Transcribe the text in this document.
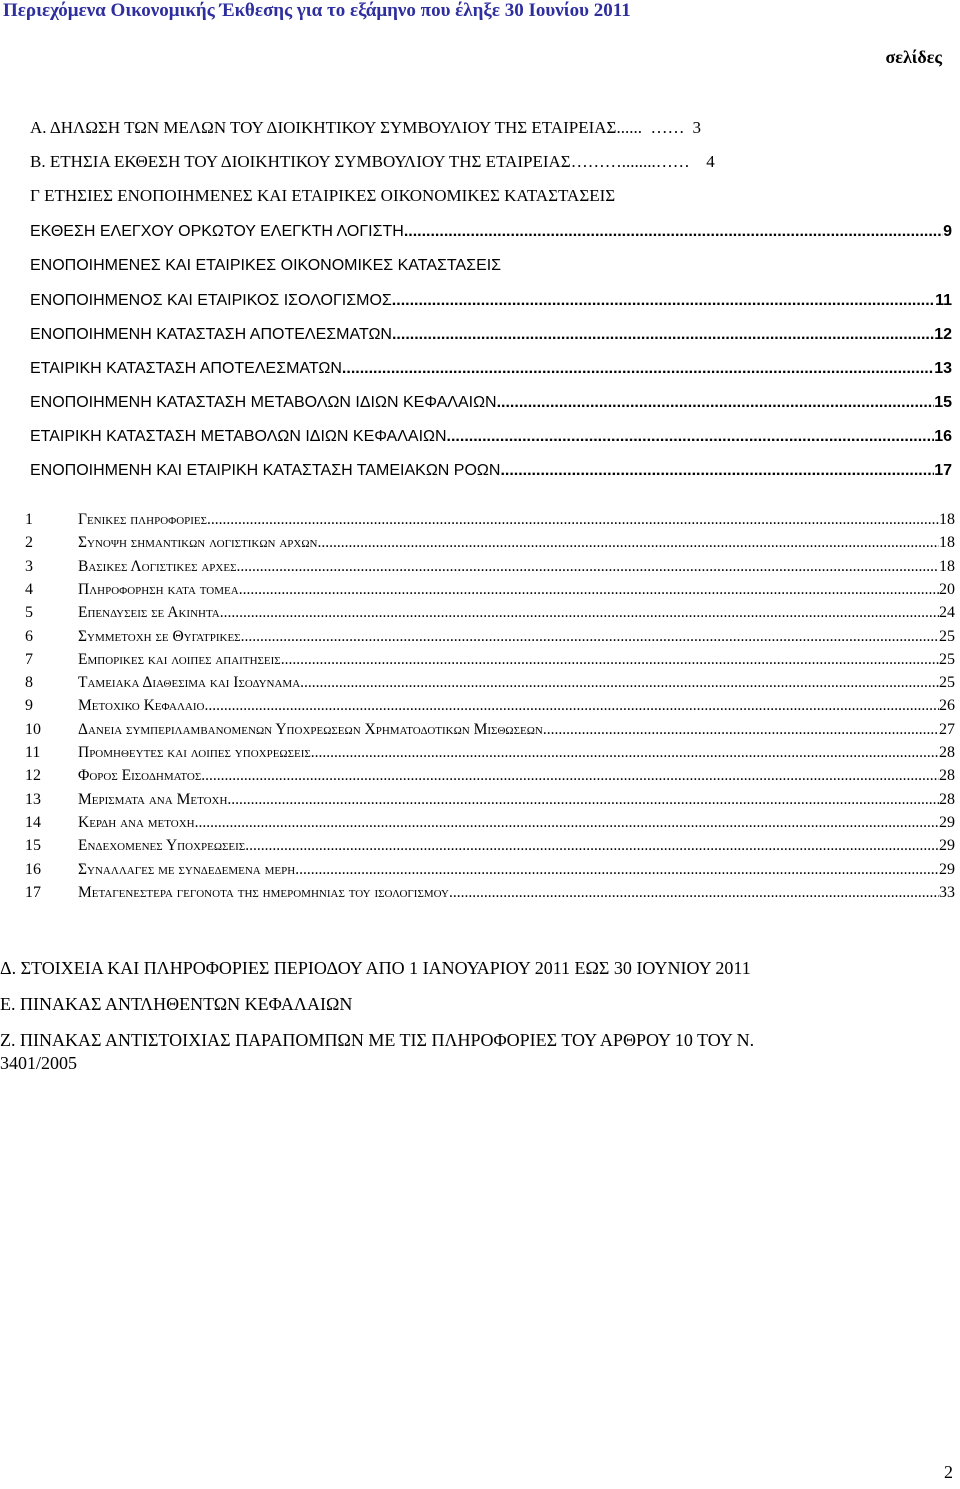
Περιεχόμενα Οικονομικής Έκθεσης για το εξάμηνο που έληξε 30 Ιουνίου 2011
σελίδες
Α. ΔΗΛΩΣΗ ΤΩΝ ΜΕΛΩΝ ΤΟΥ ΔΙΟΙΚΗΤΙΚΟΥ ΣΥΜΒΟΥΛΙΟΥ ΤΗΣ ΕΤΑΙΡΕΙΑΣ ......  …… 3
Β. ΕΤΗΣΙΑ ΕΚΘΕΣΗ ΤΟΥ ΔΙΟΙΚΗΤΙΚΟΥ ΣΥΜΒΟΥΛΙΟΥ ΤΗΣ ΕΤΑΙΡΕΙΑΣ ………........…… 4
Γ ΕΤΗΣΙΕΣ ΕΝΟΠΟΙΗΜΕΝΕΣ ΚΑΙ ΕΤΑΙΡΙΚΕΣ ΟΙΚΟΝΟΜΙΚΕΣ ΚΑΤΑΣΤΑΣΕΙΣ
ΕΚΘΕΣΗ ΕΛΕΓΧΟΥ ΟΡΚΩΤΟΥ ΕΛΕΓΚΤΗ ΛΟΓΙΣΤΗ .....	9
ΕΝΟΠΟΙΗΜΕΝΕΣ ΚΑΙ ΕΤΑΙΡΙΚΕΣ ΟΙΚΟΝΟΜΙΚΕΣ ΚΑΤΑΣΤΑΣΕΙΣ
ΕΝΟΠΟΙΗΜΕΝΟΣ ΚΑΙ ΕΤΑΙΡΙΚΟΣ ΙΣΟΛΟΓΙΣΜΟΣ .....	11
ΕΝΟΠΟΙΗΜΕΝΗ ΚΑΤΑΣΤΑΣΗ ΑΠΟΤΕΛΕΣΜΑΤΩΝ .....	12
ΕΤΑΙΡΙΚΗ ΚΑΤΑΣΤΑΣΗ ΑΠΟΤΕΛΕΣΜΑΤΩΝ .....	13
ΕΝΟΠΟΙΗΜΕΝΗ ΚΑΤΑΣΤΑΣΗ ΜΕΤΑΒΟΛΩΝ ΙΔΙΩΝ ΚΕΦΑΛΑΙΩΝ .....	15
ΕΤΑΙΡΙΚΗ ΚΑΤΑΣΤΑΣΗ ΜΕΤΑΒΟΛΩΝ ΙΔΙΩΝ ΚΕΦΑΛΑΙΩΝ .....	16
ΕΝΟΠΟΙΗΜΕΝΗ ΚΑΙ ΕΤΑΙΡΙΚΗ ΚΑΤΑΣΤΑΣΗ ΤΑΜΕΙΑΚΩΝ ΡΟΩΝ .....	17
1	Γενικες πληροφοριες .....	18
2	Συνοψη σημαντικων λογιστικων αρχων .....	18
3	Βασικες Λογιστικες αρχες .....	18
4	Πληροφορηση κατα τομεα .....	20
5	Επενδυσεις σε Ακινητα .....	24
6	Συμμετοχη σε Θυγατρικες .....	25
7	Εμπορικες και λοιπες απαιτησεις .....	25
8	Ταμειακα Διαθεσιμα και Ισοδυναμα .....	25
9	Μετοχικο Κεφαλαιο .....	26
10	Δανεια συμπεριλαμβανομενων Υποχρεωσεων Χρηματοδοτικων Μισθωσεων .....	27
11	Προμηθευτες και λοιπες υποχρεωσεις .....	28
12	Φορος Εισοδηματος .....	28
13	Μερισματα ανα Μετοχη .....	28
14	Κερδη ανα μετοχη .....	29
15	Ενδεχομενες Υποχρεωσεις .....	29
16	Συναλλαγες με συνδεδεμενα μερη .....	29
17	Μεταγενεστερα γεγονοτα της ημερομηνιας του ισολογισμου .....	33
Δ. ΣΤΟΙΧΕΙΑ ΚΑΙ ΠΛΗΡΟΦΟΡΙΕΣ ΠΕΡΙΟΔΟΥ ΑΠΟ 1 ΙΑΝΟΥΑΡΙΟΥ 2011 ΕΩΣ 30 ΙΟΥΝΙΟΥ 2011
Ε. ΠΙΝΑΚΑΣ ΑΝΤΛΗΘΕΝΤΩΝ ΚΕΦΑΛΑΙΩΝ
Ζ. ΠΙΝΑΚΑΣ ΑΝΤΙΣΤΟΙΧΙΑΣ ΠΑΡΑΠΟΜΠΩΝ ΜΕ ΤΙΣ ΠΛΗΡΟΦΟΡΙΕΣ ΤΟΥ ΑΡΘΡΟΥ 10 ΤΟΥ Ν.
3401/2005
2
